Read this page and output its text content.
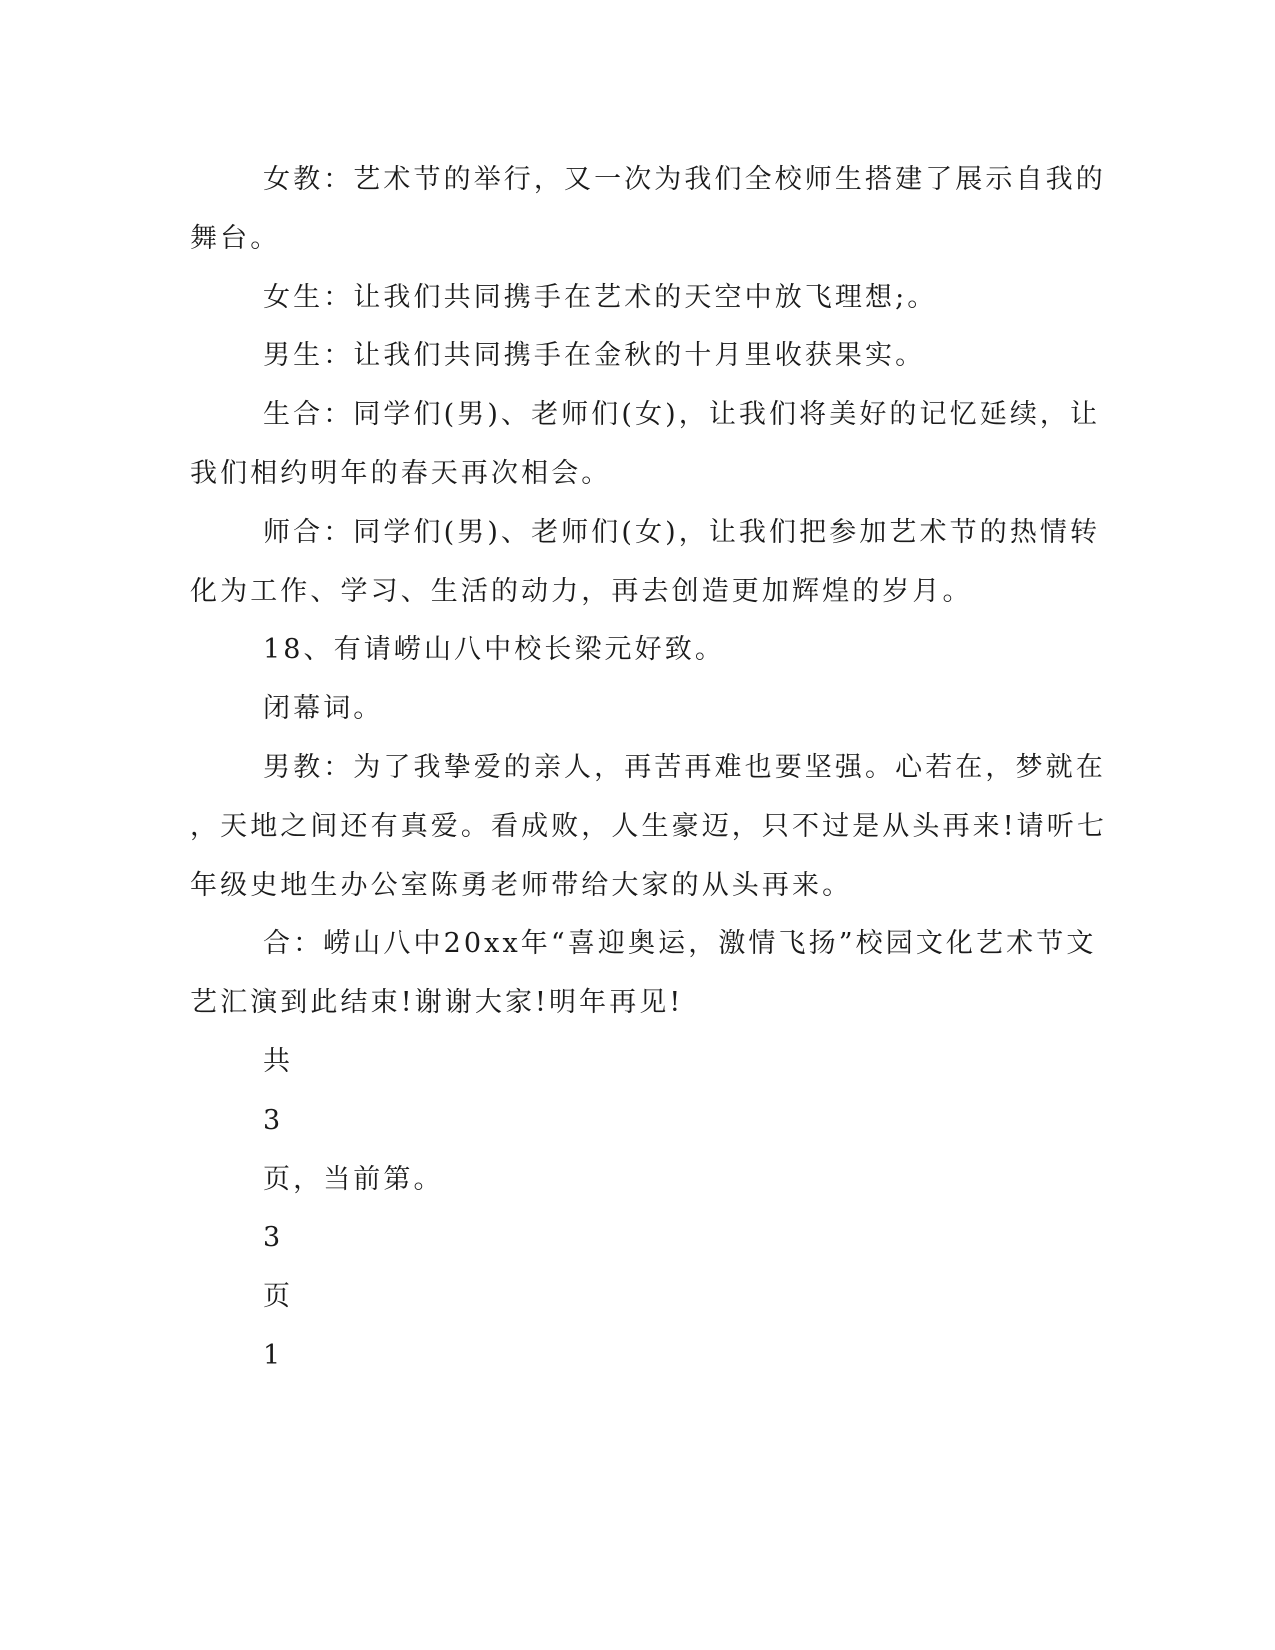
女教：艺术节的举行，又一次为我们全校师生搭建了展示自我的
舞台。
女生：让我们共同携手在艺术的天空中放飞理想;。
男生：让我们共同携手在金秋的十月里收获果实。
生合：同学们(男)、老师们(女)，让我们将美好的记忆延续，让
我们相约明年的春天再次相会。
师合：同学们(男)、老师们(女)，让我们把参加艺术节的热情转
化为工作、学习、生活的动力，再去创造更加辉煌的岁月。
18、有请崂山八中校长梁元好致。
闭幕词。
男教：为了我挚爱的亲人，再苦再难也要坚强。心若在，梦就在
，天地之间还有真爱。看成败，人生豪迈，只不过是从头再来!请听七
年级史地生办公室陈勇老师带给大家的从头再来。
合：崂山八中20xx年“喜迎奥运，激情飞扬”校园文化艺术节文
艺汇演到此结束!谢谢大家!明年再见!
共
3
页，当前第。
3
页
1
